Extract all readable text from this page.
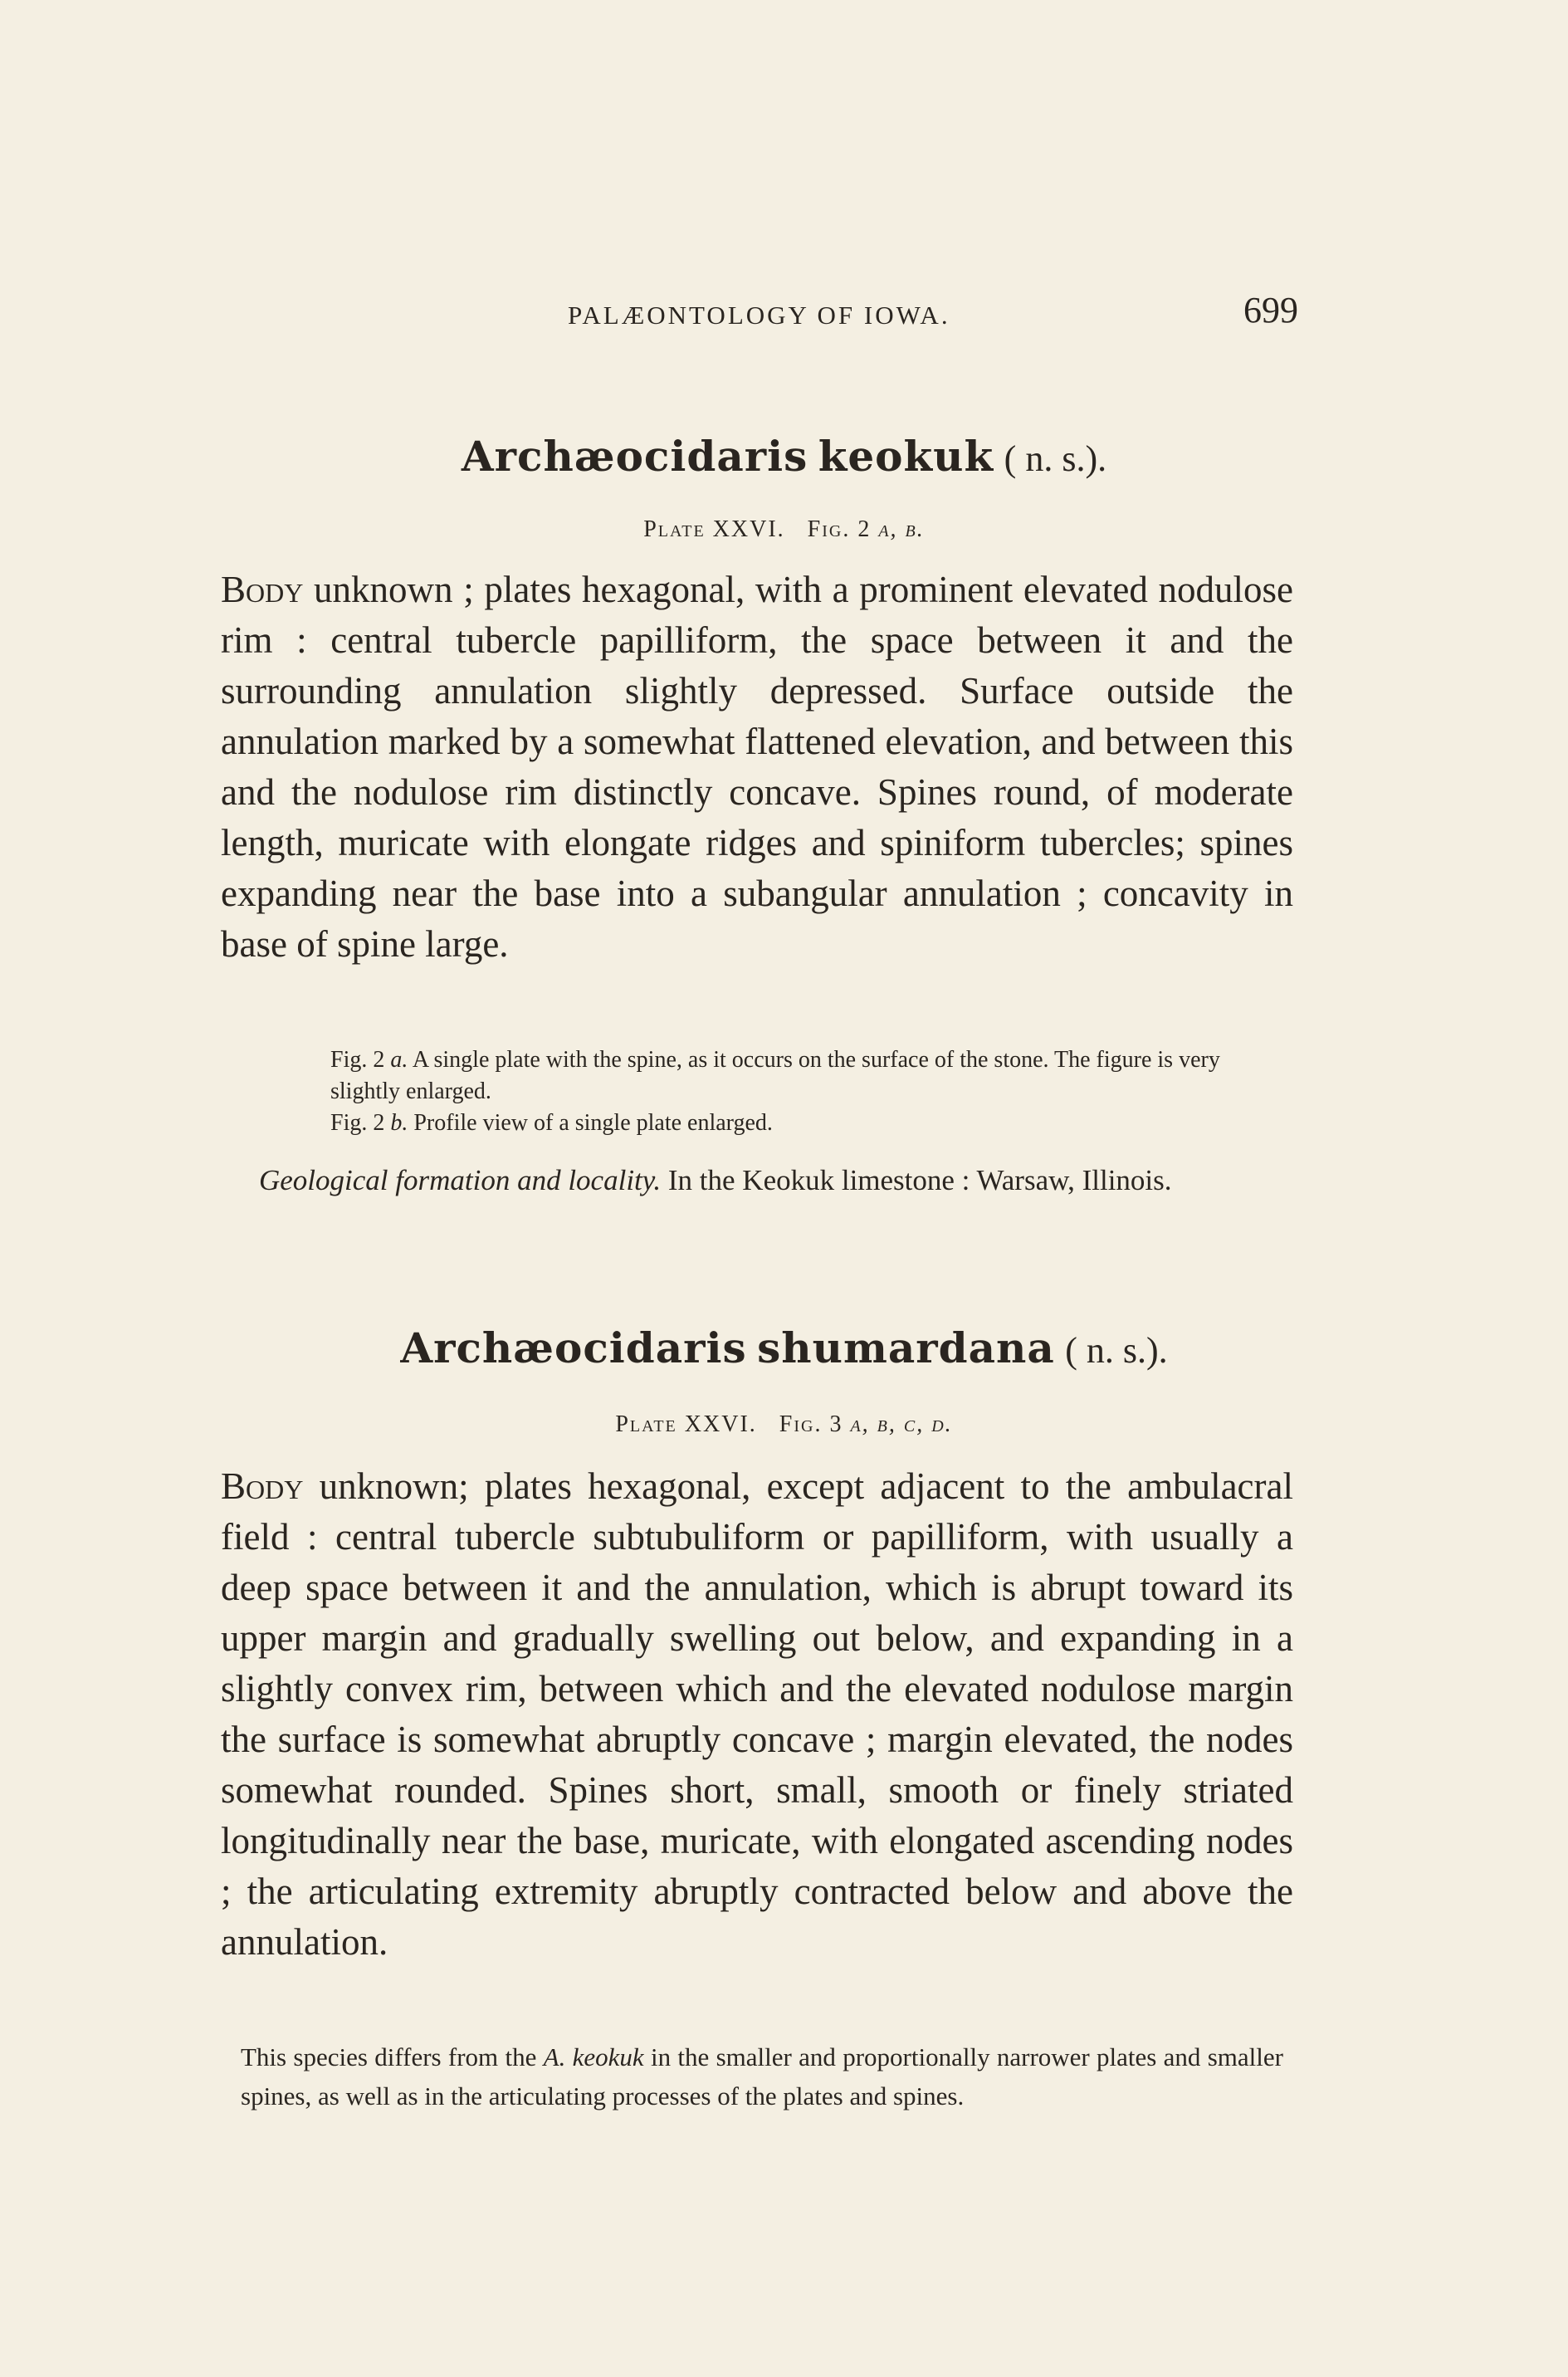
PALÆONTOLOGY OF IOWA.	699
Archæocidaris keokuk ( n. s.).
Plate XXVI. Fig. 2 a, b.

Body unknown ; plates hexagonal, with a prominent elevated nodulose rim : central tubercle papilliform, the space between it and the surrounding annulation slightly depressed. Surface outside the annulation marked by a somewhat flattened elevation, and between this and the nodulose rim distinctly concave. Spines round, of moderate length, muricate with elongate ridges and spiniform tubercles; spines expanding near the base into a subangular annulation ; concavity in base of spine large.

Fig. 2 a. A single plate with the spine, as it occurs on the surface of the stone. The figure is very slightly enlarged.

Fig. 2 b. Profile view of a single plate enlarged.

Geological formation and locality. In the Keokuk limestone : Warsaw, Illinois.

Archæocidaris shumardana ( n. s.).
Plate XXVI. Fig. 3 a, b, c, d.

Body unknown; plates hexagonal, except adjacent to the ambulacral field : central tubercle subtubuliform or papilliform, with usually a deep space between it and the annulation, which is abrupt toward its upper margin and gradually swelling out below, and expanding in a slightly convex rim, between which and the elevated nodulose margin the surface is somewhat abruptly concave ; margin elevated, the nodes somewhat rounded. Spines short, small, smooth or finely striated longitudinally near the base, muricate, with elongated ascending nodes ; the articulating extremity abruptly contracted below and above the annulation.

This species differs from the A. keokuk in the smaller and proportionally narrower plates and smaller spines, as well as in the articulating processes of the plates and spines.
